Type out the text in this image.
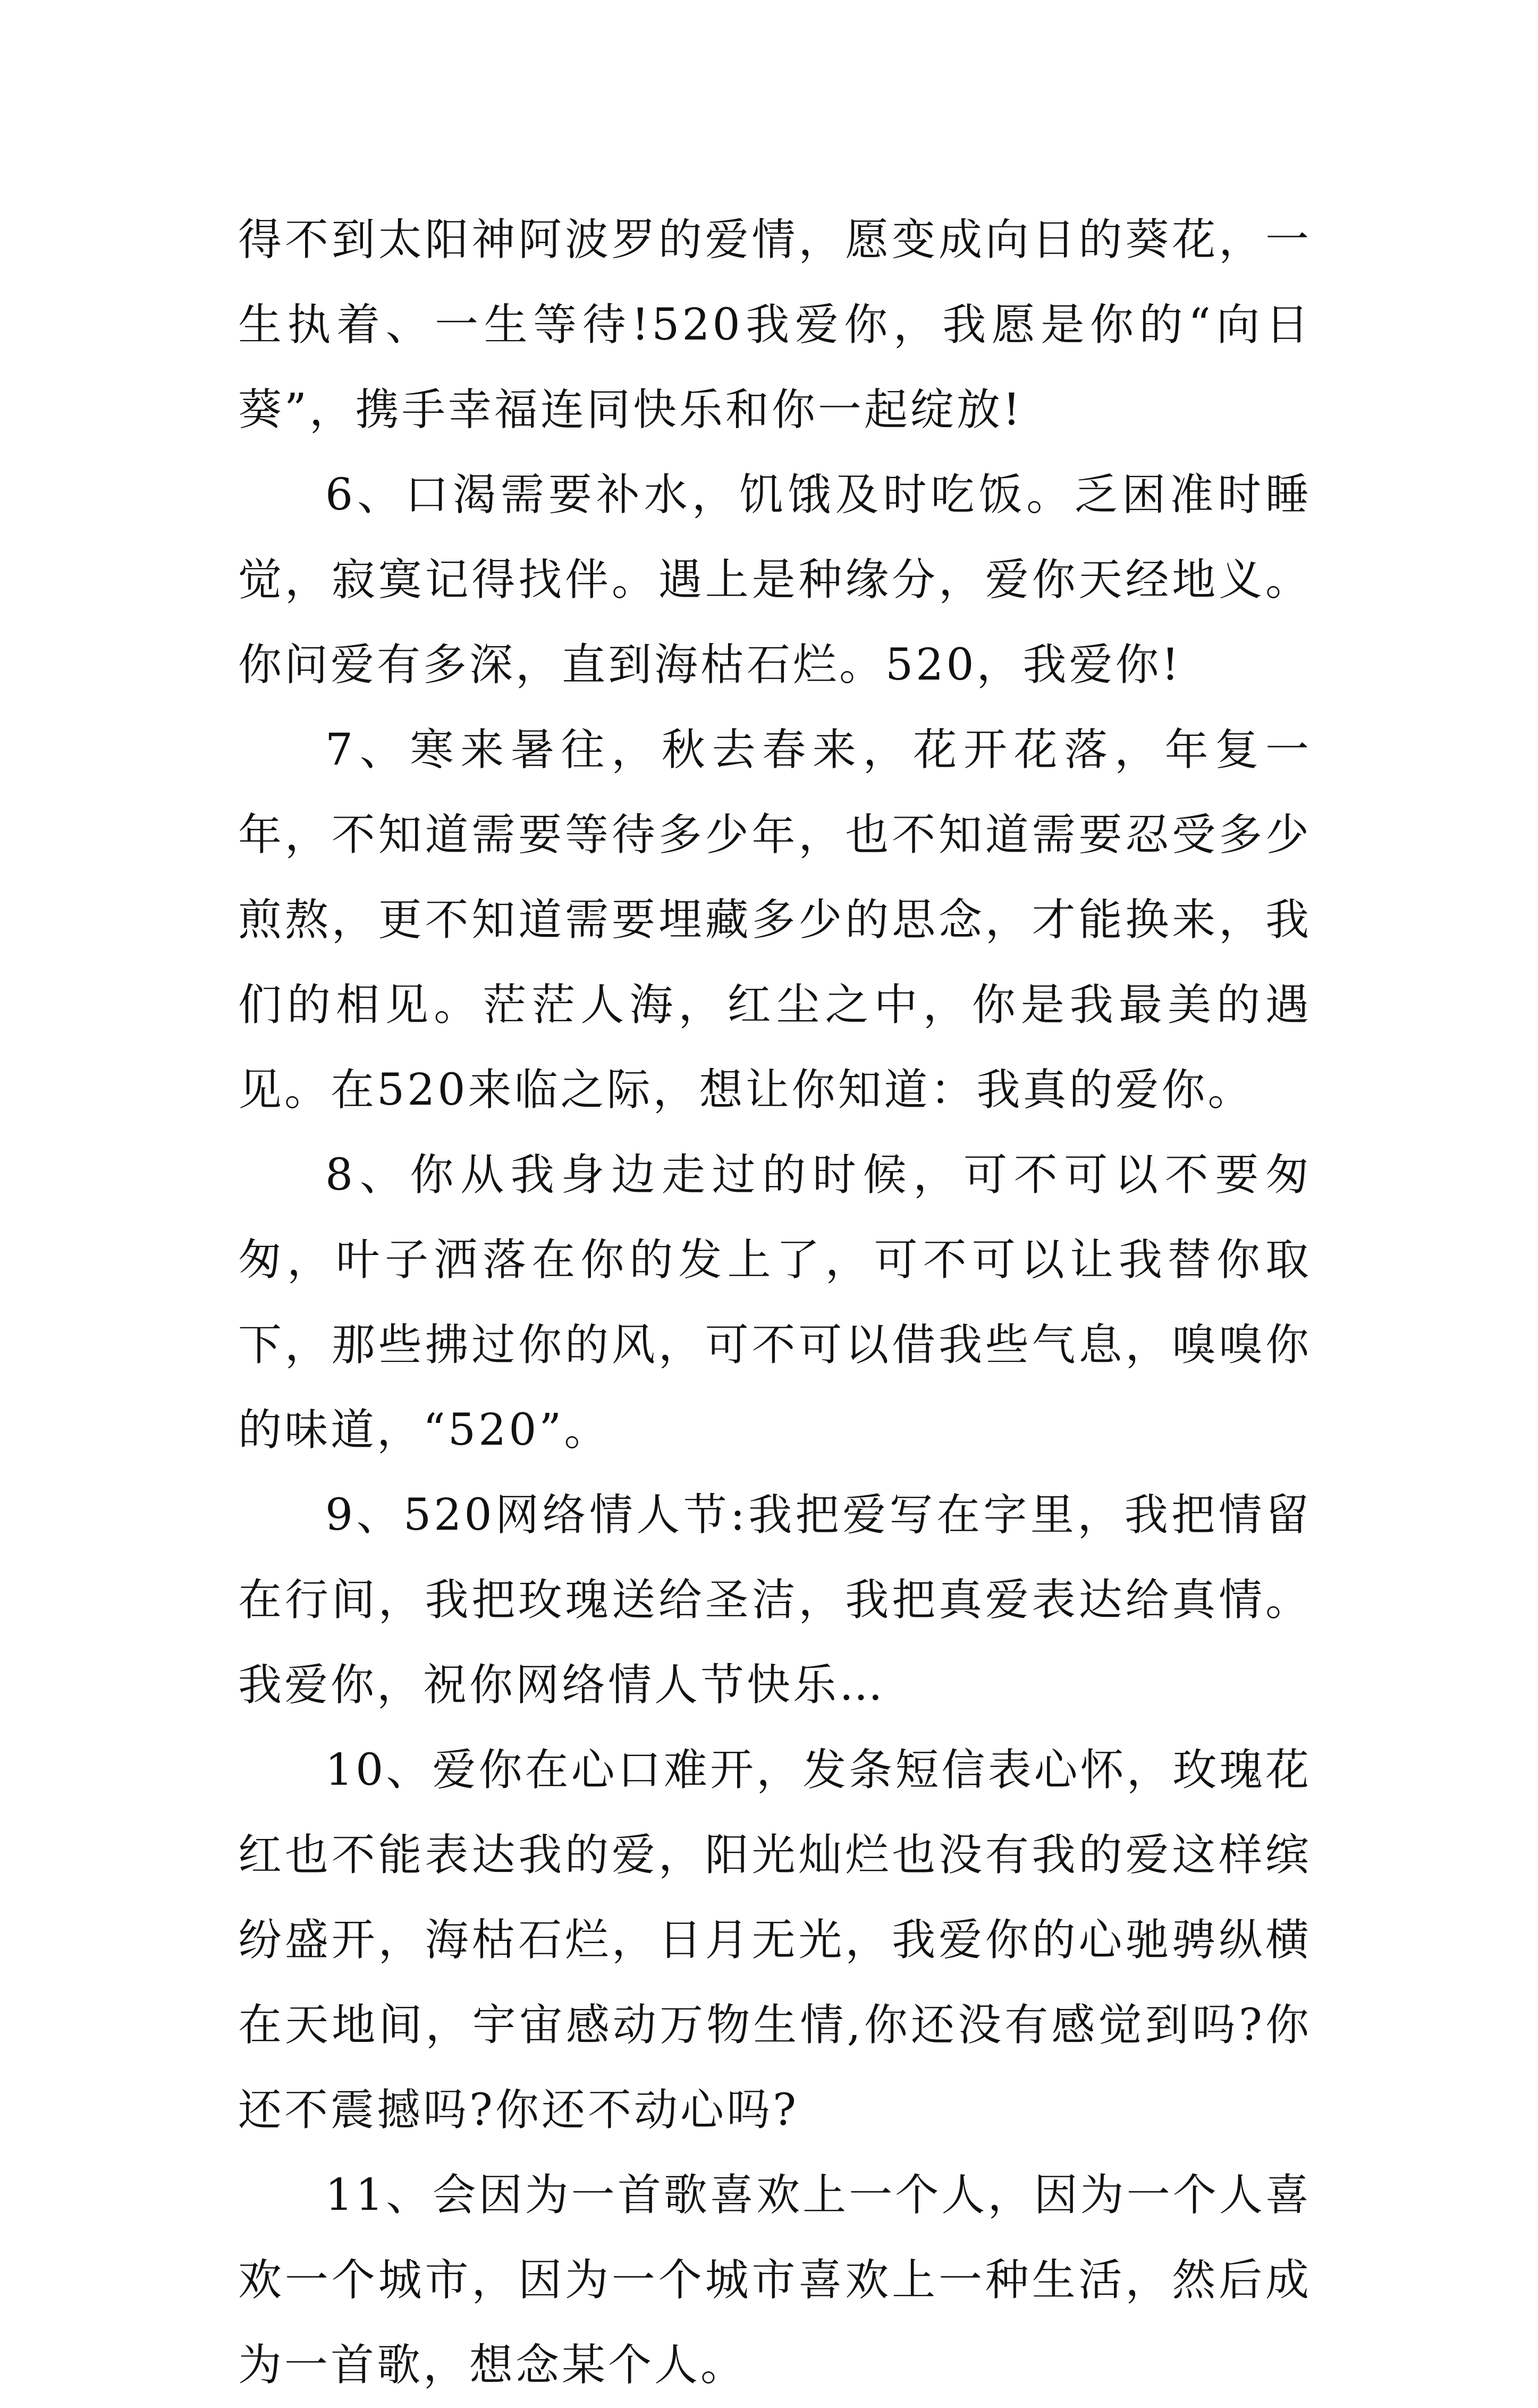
得不到太阳神阿波罗的爱情，愿变成向日的葵花，一生执着、一生等待!520我爱你，我愿是你的“向日葵”，携手幸福连同快乐和你一起绽放!

6、口渴需要补水，饥饿及时吃饭。乏困准时睡觉，寂寞记得找伴。遇上是种缘分，爱你天经地义。你问爱有多深，直到海枯石烂。520，我爱你!

7、寒来暑往，秋去春来，花开花落，年复一年，不知道需要等待多少年，也不知道需要忍受多少煎熬，更不知道需要埋藏多少的思念，才能换来，我们的相见。茫茫人海，红尘之中，你是我最美的遇见。在520来临之际，想让你知道：我真的爱你。

8、你从我身边走过的时候，可不可以不要匆匆，叶子洒落在你的发上了，可不可以让我替你取下，那些拂过你的风，可不可以借我些气息，嗅嗅你的味道，“520”。

9、520网络情人节:我把爱写在字里，我把情留在行间，我把玫瑰送给圣洁，我把真爱表达给真情。我爱你，祝你网络情人节快乐…

10、爱你在心口难开，发条短信表心怀，玫瑰花红也不能表达我的爱，阳光灿烂也没有我的爱这样缤纷盛开，海枯石烂，日月无光，我爱你的心驰骋纵横在天地间，宇宙感动万物生情,你还没有感觉到吗?你还不震撼吗?你还不动心吗?

11、会因为一首歌喜欢上一个人，因为一个人喜欢一个城市，因为一个城市喜欢上一种生活，然后成为一首歌，想念某个人。
